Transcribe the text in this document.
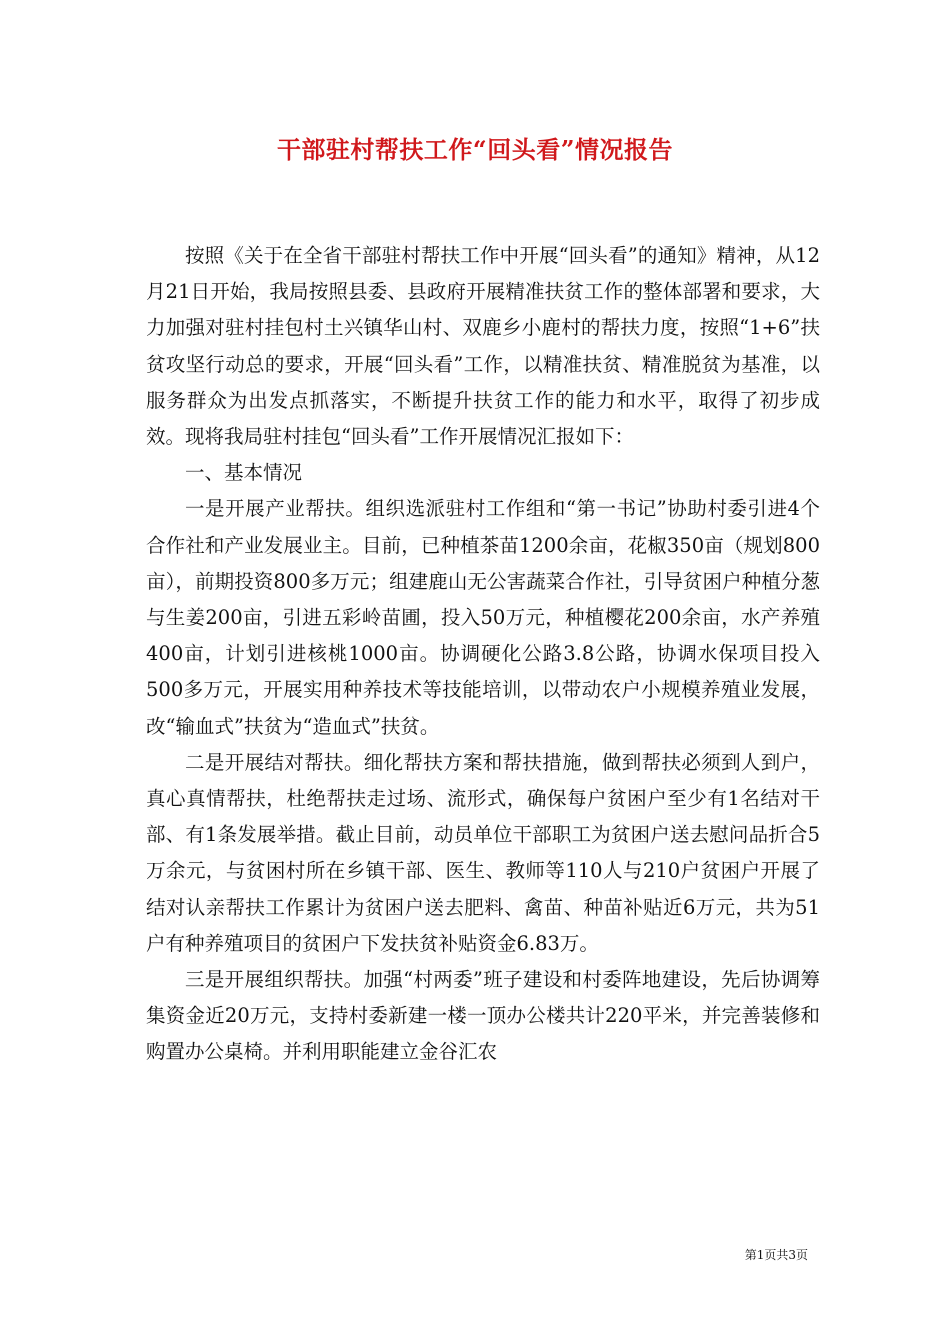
干部驻村帮扶工作“回头看”情况报告

按照《关于在全省干部驻村帮扶工作中开展“回头看”的通知》精神，从12月21日开始，我局按照县委、县政府开展精准扶贫工作的整体部署和要求，大力加强对驻村挂包村土兴镇华山村、双鹿乡小鹿村的帮扶力度，按照“1+6”扶贫攻坚行动总的要求，开展“回头看”工作，以精准扶贫、精准脱贫为基准，以服务群众为出发点抓落实，不断提升扶贫工作的能力和水平，取得了初步成效。现将我局驻村挂包“回头看”工作开展情况汇报如下：

一、基本情况

一是开展产业帮扶。组织选派驻村工作组和“第一书记”协助村委引进4个合作社和产业发展业主。目前，已种植茶苗1200余亩，花椒350亩（规划800亩），前期投资800多万元；组建鹿山无公害蔬菜合作社，引导贫困户种植分葱与生姜200亩，引进五彩岭苗圃，投入50万元，种植樱花200余亩，水产养殖400亩，计划引进核桃1000亩。协调硬化公路3.8公路，协调水保项目投入500多万元，开展实用种养技术等技能培训，以带动农户小规模养殖业发展，改“输血式”扶贫为“造血式”扶贫。

二是开展结对帮扶。细化帮扶方案和帮扶措施，做到帮扶必须到人到户，真心真情帮扶，杜绝帮扶走过场、流形式，确保每户贫困户至少有1名结对干部、有1条发展举措。截止目前，动员单位干部职工为贫困户送去慰问品折合5万余元，与贫困村所在乡镇干部、医生、教师等110人与210户贫困户开展了结对认亲帮扶工作累计为贫困户送去肥料、禽苗、种苗补贴近6万元，共为51户有种养殖项目的贫困户下发扶贫补贴资金6.83万。

三是开展组织帮扶。加强“村两委”班子建设和村委阵地建设，先后协调筹集资金近20万元，支持村委新建一楼一顶办公楼共计220平米，并完善装修和购置办公桌椅。并利用职能建立金谷汇农

第1页共3页
